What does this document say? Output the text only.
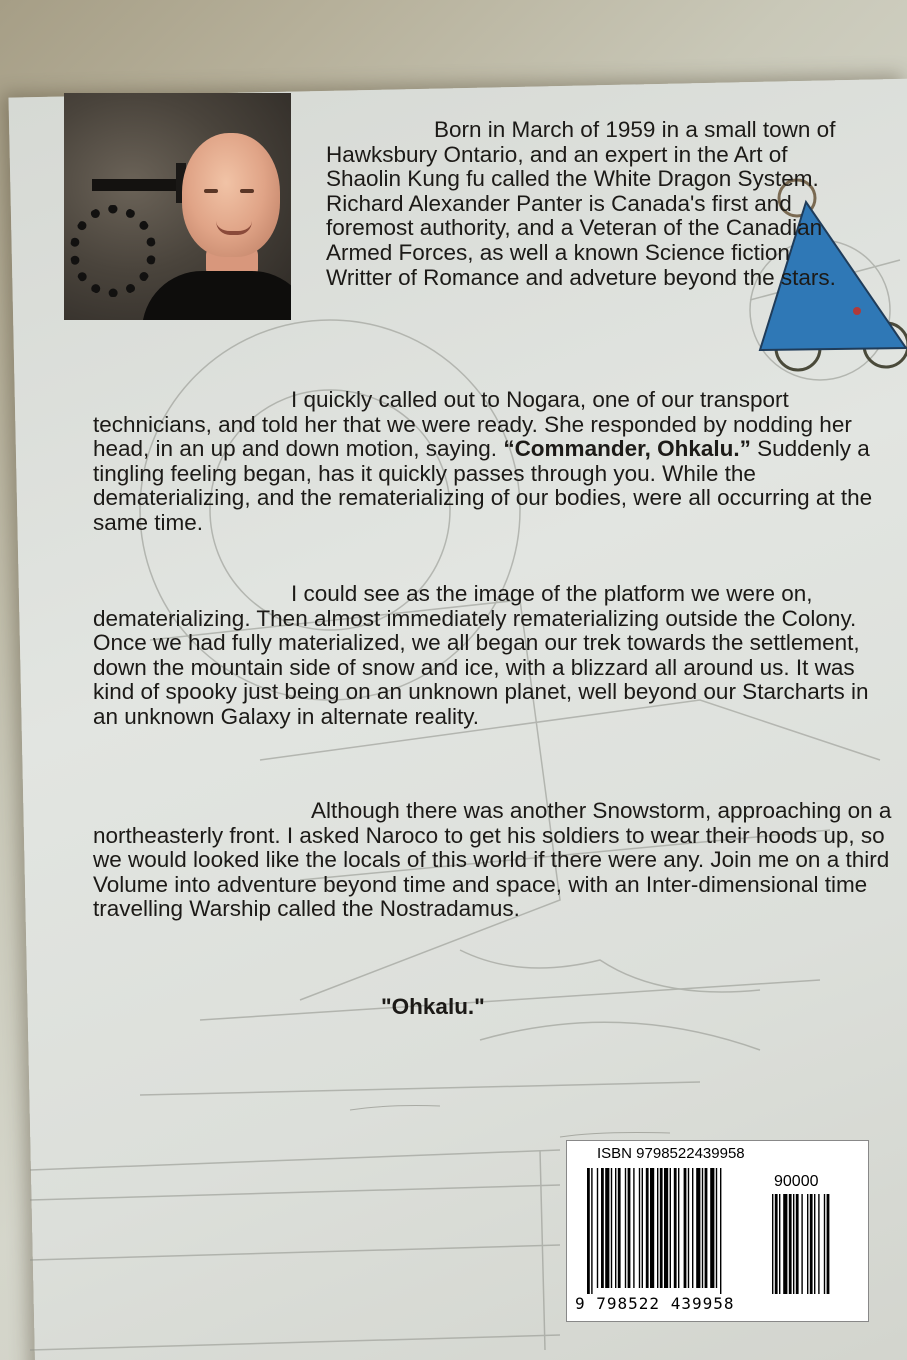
Born in March of 1959 in a small town of Hawksbury Ontario, and an expert in the Art of Shaolin Kung fu called the White Dragon System. Richard Alexander Panter is Canada's first and foremost authority, and a Veteran of the Canadian Armed Forces, as well a known Science fiction Writter of Romance and adveture beyond the stars.

I quickly called out to Nogara, one of our transport technicians, and told her that we were ready. She responded by nodding her head, in an up and down motion, saying. “Commander, Ohkalu.” Suddenly a tingling feeling began, has it quickly passes through you. While the dematerializing, and the rematerializing of our bodies, were all occurring at the same time.

I could see as the image of the platform we were on, dematerializing. Then almost immediately rematerializing outside the Colony. Once we had fully materialized, we all began our trek towards the settlement, down the mountain side of snow and ice, with a blizzard all around us. It was kind of spooky just being on an unknown planet, well beyond our Starcharts in an unknown Galaxy in alternate reality.

Although there was another Snowstorm, approaching on a northeasterly front. I asked Naroco to get his soldiers to wear their hoods up, so we would looked like the locals of this world if there were any. Join me on a third Volume into adventure beyond time and space, with an Inter-dimensional time travelling Warship called the Nostradamus.

"Ohkalu."

ISBN 9798522439958
90000
9 798522 439958
